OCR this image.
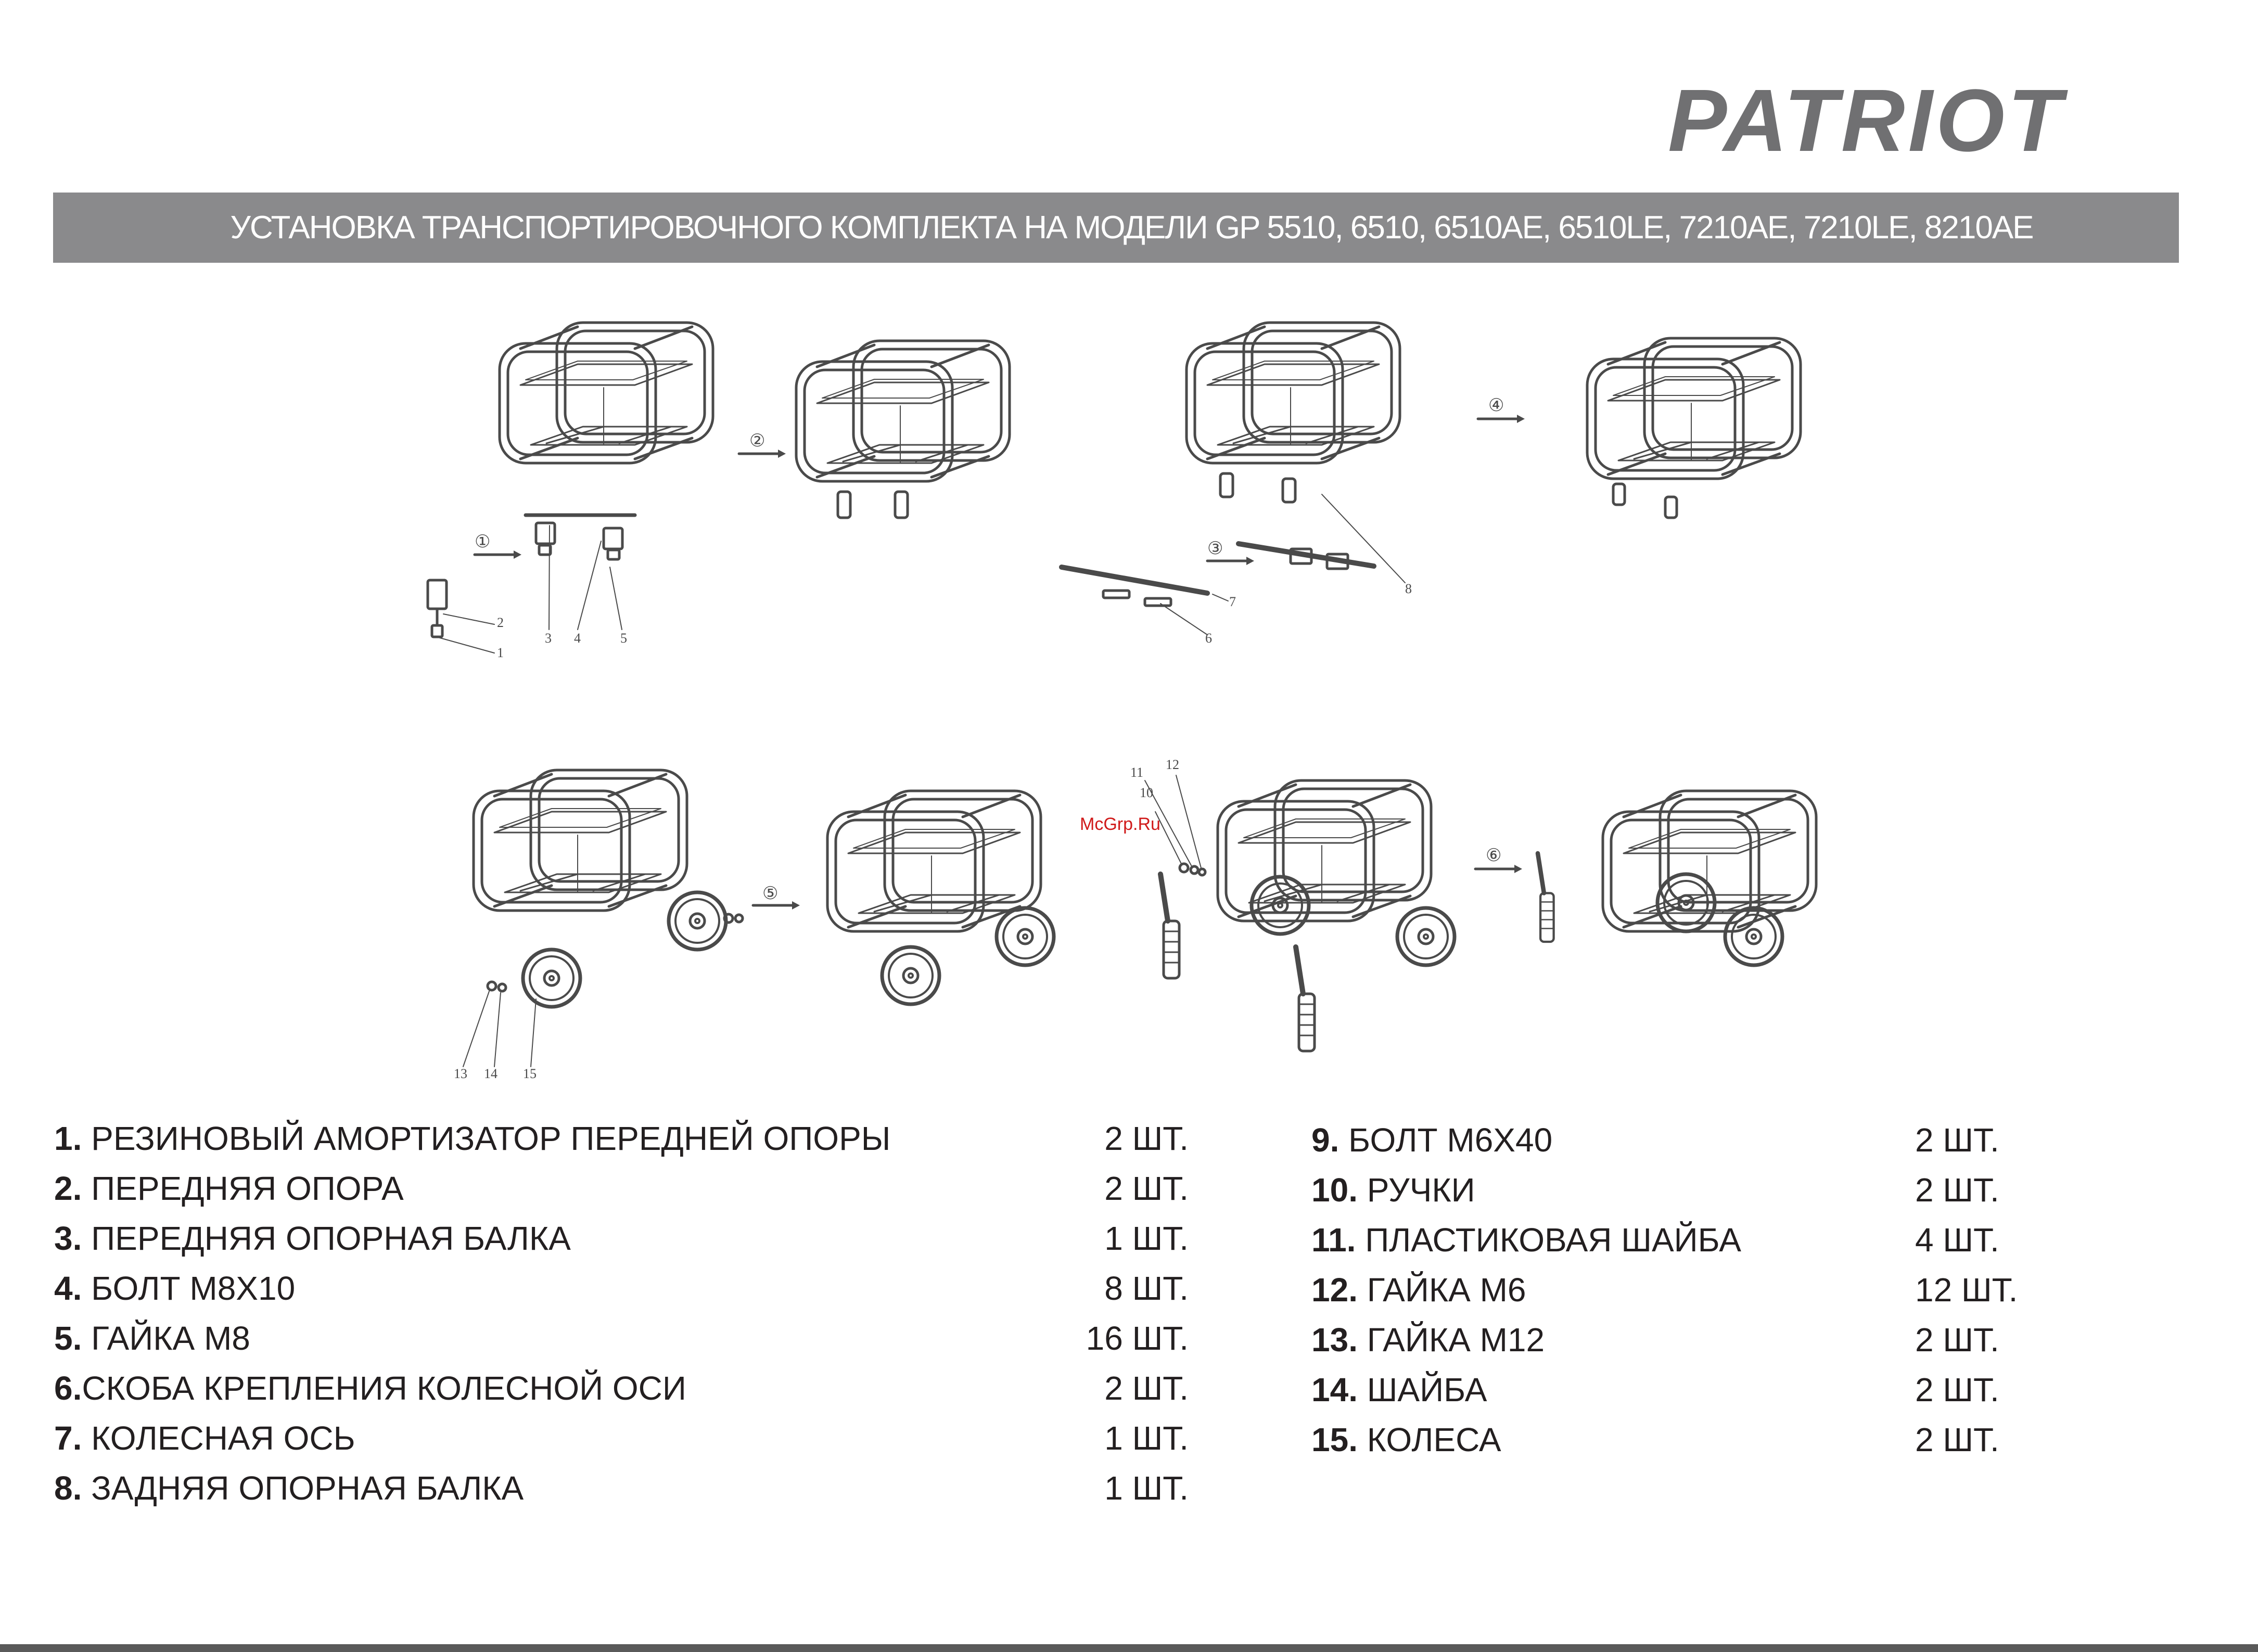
PATRIOT
УСТАНОВКА ТРАНСПОРТИРОВОЧНОГО КОМПЛЕКТА НА МОДЕЛИ GP 5510, 6510, 6510AE, 6510LE, 7210AE, 7210LE, 8210AE
①
②
③
④
⑤
⑥
1
2
3 4	5	6
7
8
10
11
12
13 14 15
McGrp.Ru
1. РЕЗИНОВЫЙ АМОРТИЗАТОР ПЕРЕДНЕЙ ОПОРЫ	2 ШТ.
2. ПЕРЕДНЯЯ ОПОРА	2 ШТ.
3. ПЕРЕДНЯЯ ОПОРНАЯ БАЛКА	1 ШТ.
4. БОЛТ М8Х10	8 ШТ.
5. ГАЙКА М8	16 ШТ.
6.СКОБА КРЕПЛЕНИЯ КОЛЕСНОЙ ОСИ	2 ШТ.
7. КОЛЕСНАЯ ОСЬ	1 ШТ.
8. ЗАДНЯЯ ОПОРНАЯ БАЛКА	1 ШТ.
9. БОЛТ М6Х40	2 ШТ.
10. РУЧКИ	2 ШТ.
11. ПЛАСТИКОВАЯ ШАЙБА	4 ШТ.
12. ГАЙКА М6	12 ШТ.
13. ГАЙКА М12	2 ШТ.
14. ШАЙБА	2 ШТ.
15. КОЛЕСА	2 ШТ.
